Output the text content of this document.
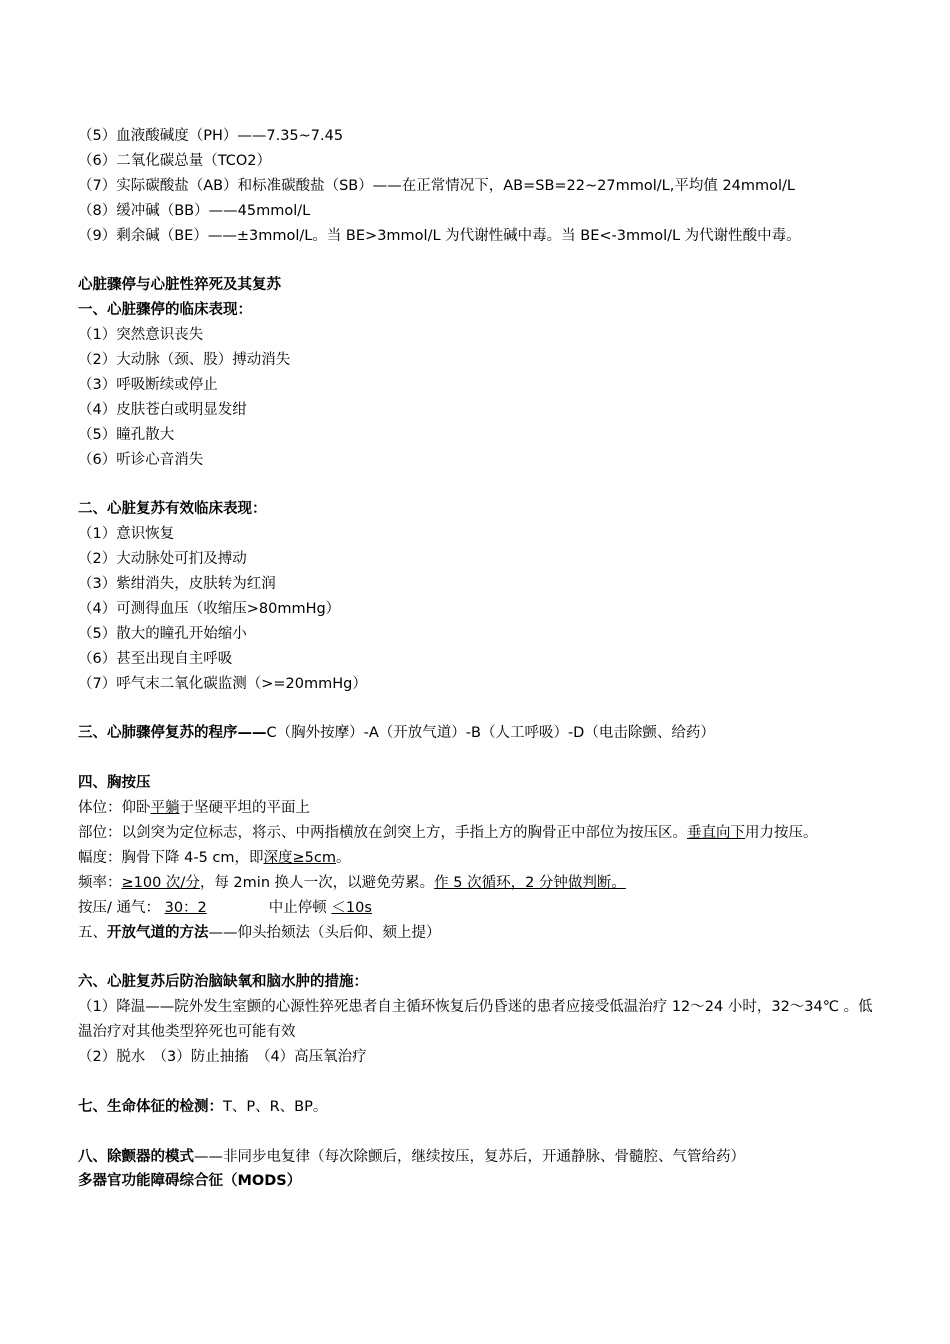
（5）血液酸碱度（PH）——7.35~7.45
（6）二氧化碳总量（TCO2）
（7）实际碳酸盐（AB）和标准碳酸盐（SB）——在正常情况下，AB=SB=22~27mmol/L,平均值 24mmol/L
（8）缓冲碱（BB）——45mmol/L
（9）剩余碱（BE）——±3mmol/L。当 BE>3mmol/L 为代谢性碱中毒。当 BE<-3mmol/L 为代谢性酸中毒。
心脏骤停与心脏性猝死及其复苏
一、心脏骤停的临床表现：
（1）突然意识丧失
（2）大动脉（颈、股）搏动消失
（3）呼吸断续或停止
（4）皮肤苍白或明显发绀
（5）瞳孔散大
（6）听诊心音消失
二、心脏复苏有效临床表现：
（1）意识恢复
（2）大动脉处可扪及搏动
（3）紫绀消失，皮肤转为红润
（4）可测得血压（收缩压>80mmHg）
（5）散大的瞳孔开始缩小
（6）甚至出现自主呼吸
（7）呼气末二氧化碳监测（>=20mmHg）
三、心肺骤停复苏的程序——C（胸外按摩）-A（开放气道）-B（人工呼吸）-D（电击除颤、给药）
四、胸按压
体位：仰卧平躺于坚硬平坦的平面上
部位：以剑突为定位标志，将示、中两指横放在剑突上方，手指上方的胸骨正中部位为按压区。垂直向下用力按压。
幅度：胸骨下降 4-5 cm，即深度≥5cm。
频率：≥100 次/分，每 2min 换人一次，以避免劳累。作 5 次循环，2 分钟做判断。
按压/ 通气： 30：2	中止停顿 ＜10s
五、开放气道的方法——仰头抬颏法（头后仰、颏上提）
六、心脏复苏后防治脑缺氧和脑水肿的措施：
（1）降温——院外发生室颤的心源性猝死患者自主循环恢复后仍昏迷的患者应接受低温治疗 12～24 小时，32～34℃ 。低温治疗对其他类型猝死也可能有效
（2）脱水　（3）防止抽搐　（4）高压氧治疗
七、生命体征的检测：T、P、R、BP。
八、除颤器的模式——非同步电复律（每次除颤后，继续按压，复苏后，开通静脉、骨髓腔、气管给药）
多器官功能障碍综合征（MODS）
